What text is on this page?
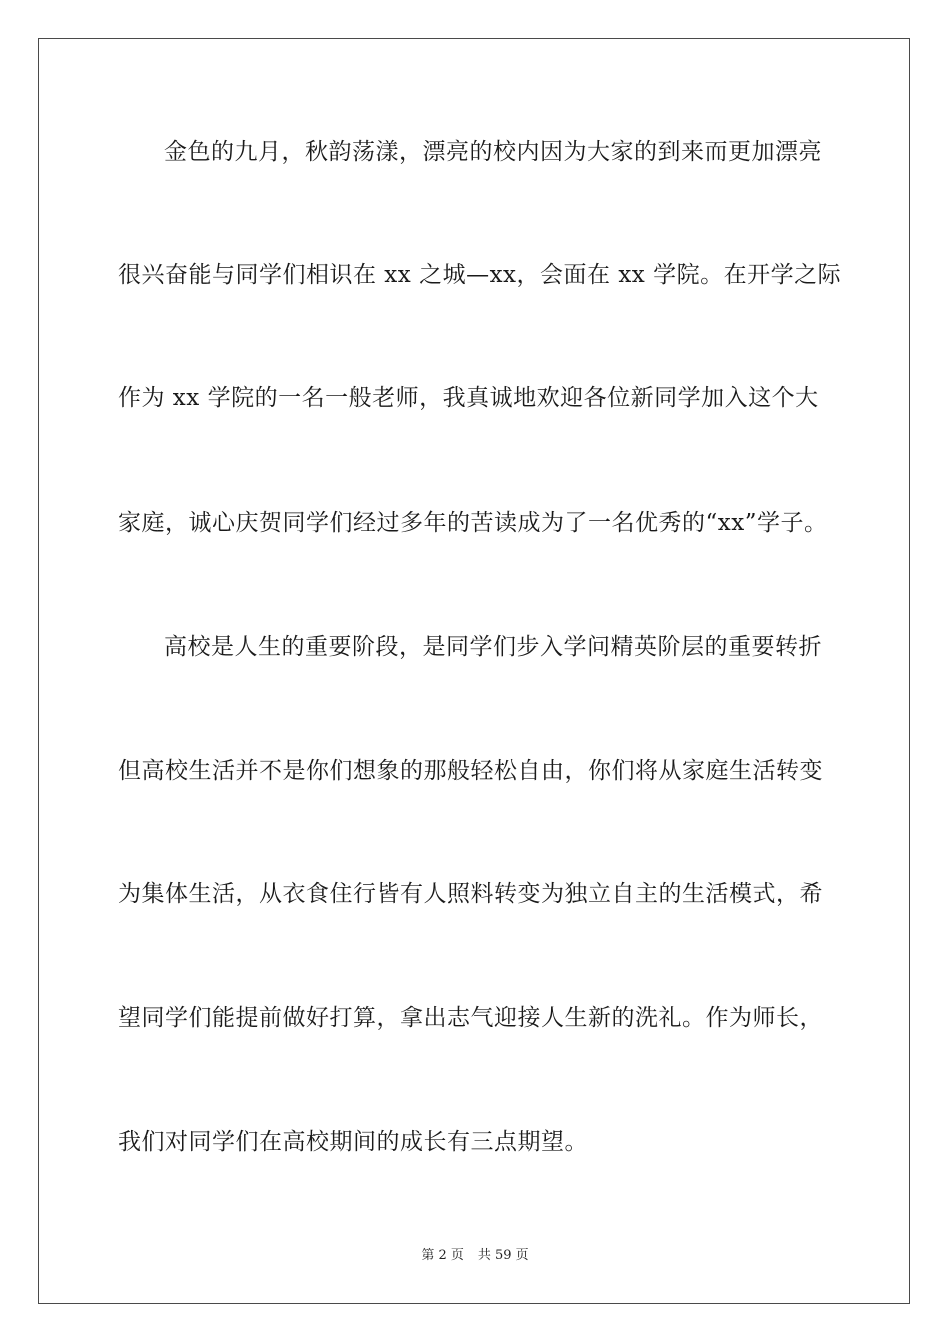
金色的九月，秋韵荡漾，漂亮的校内因为大家的到来而更加漂亮
很兴奋能与同学们相识在 xx 之城—xx，会面在 xx 学院。在开学之际
作为 xx 学院的一名一般老师，我真诚地欢迎各位新同学加入这个大
家庭，诚心庆贺同学们经过多年的苦读成为了一名优秀的“xx”学子。
高校是人生的重要阶段，是同学们步入学问精英阶层的重要转折
但高校生活并不是你们想象的那般轻松自由，你们将从家庭生活转变
为集体生活，从衣食住行皆有人照料转变为独立自主的生活模式，希
望同学们能提前做好打算，拿出志气迎接人生新的洗礼。作为师长，
我们对同学们在高校期间的成长有三点期望。
第 2 页 共 59 页
